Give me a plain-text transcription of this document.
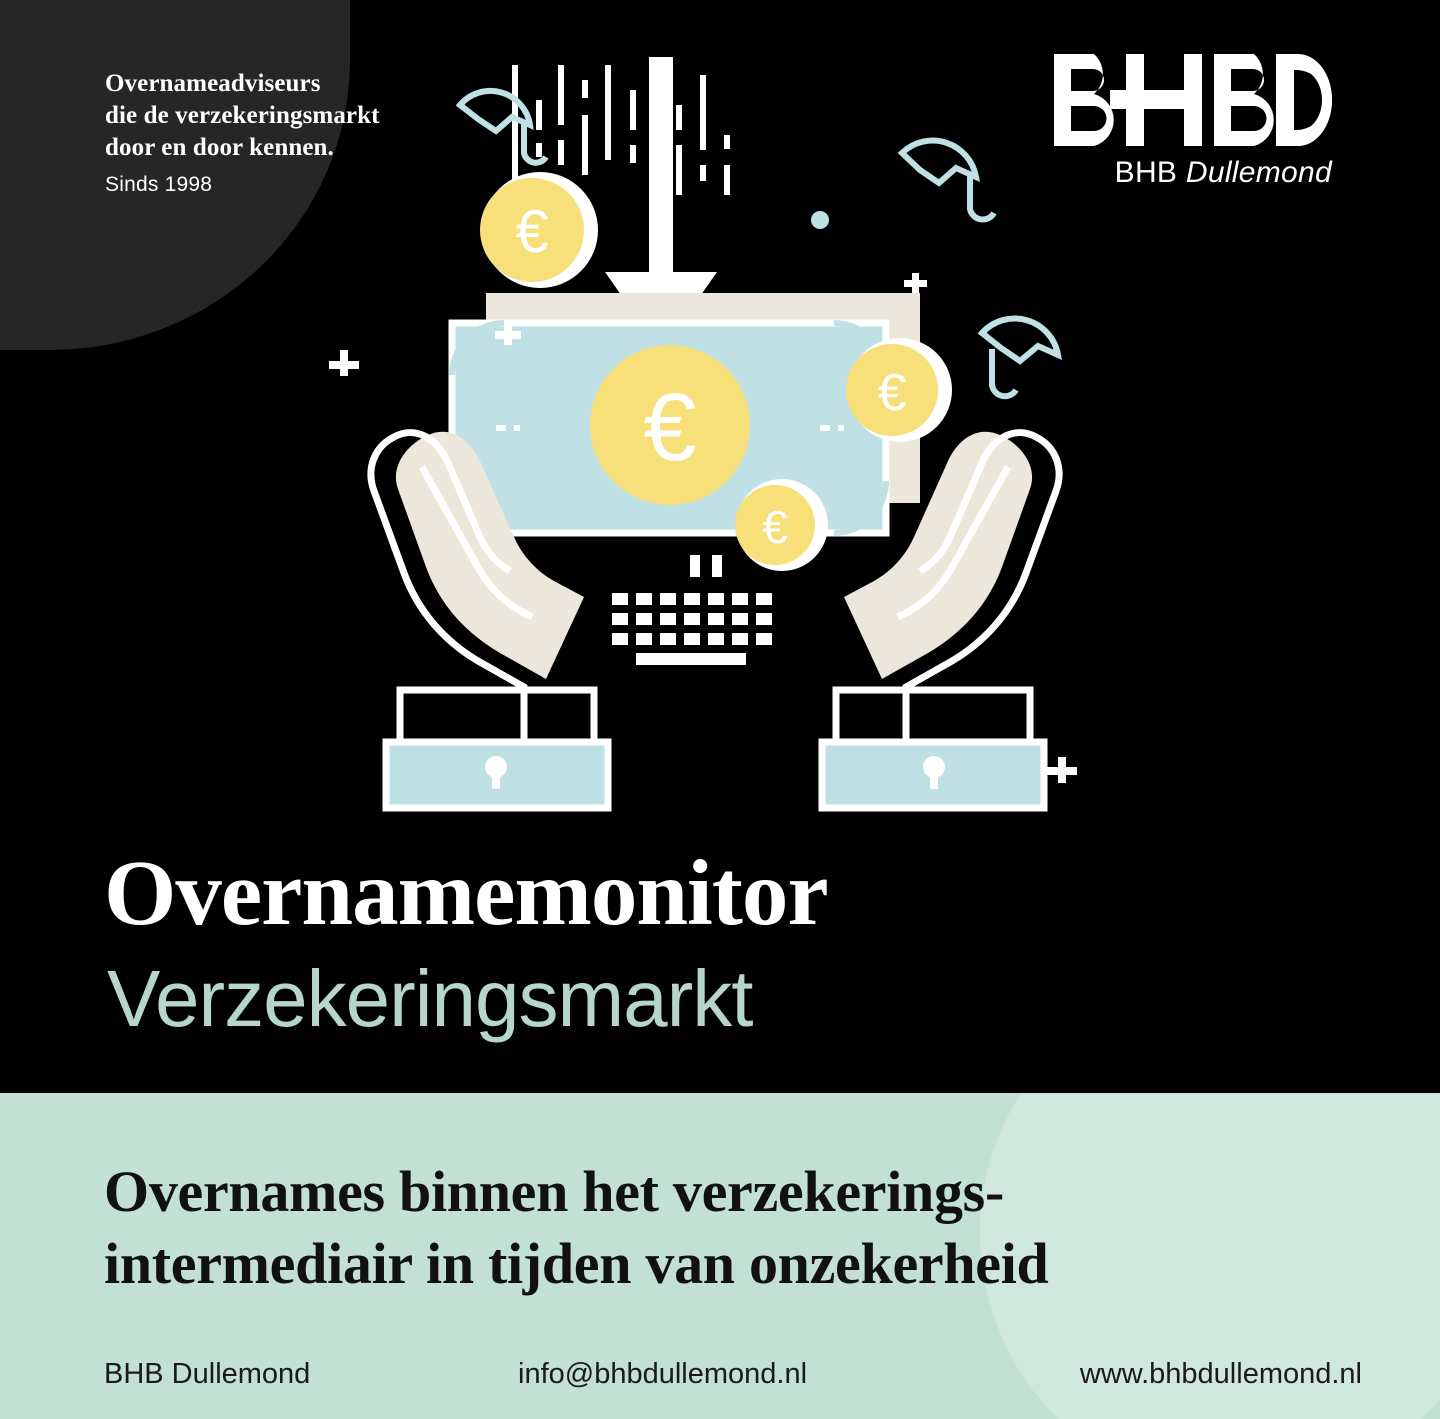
Overnameadviseurs
die de verzekeringsmarkt
door en door kennen.
Sinds 1998	BHB Dullemond
€
€
€
€
Overnamemonitor
Verzekeringsmarkt
Overnames binnen het verzekerings-
intermediair in tijden van onzekerheid
BHB Dullemond	info@bhbdullemond.nl	www.bhbdullemond.nl
